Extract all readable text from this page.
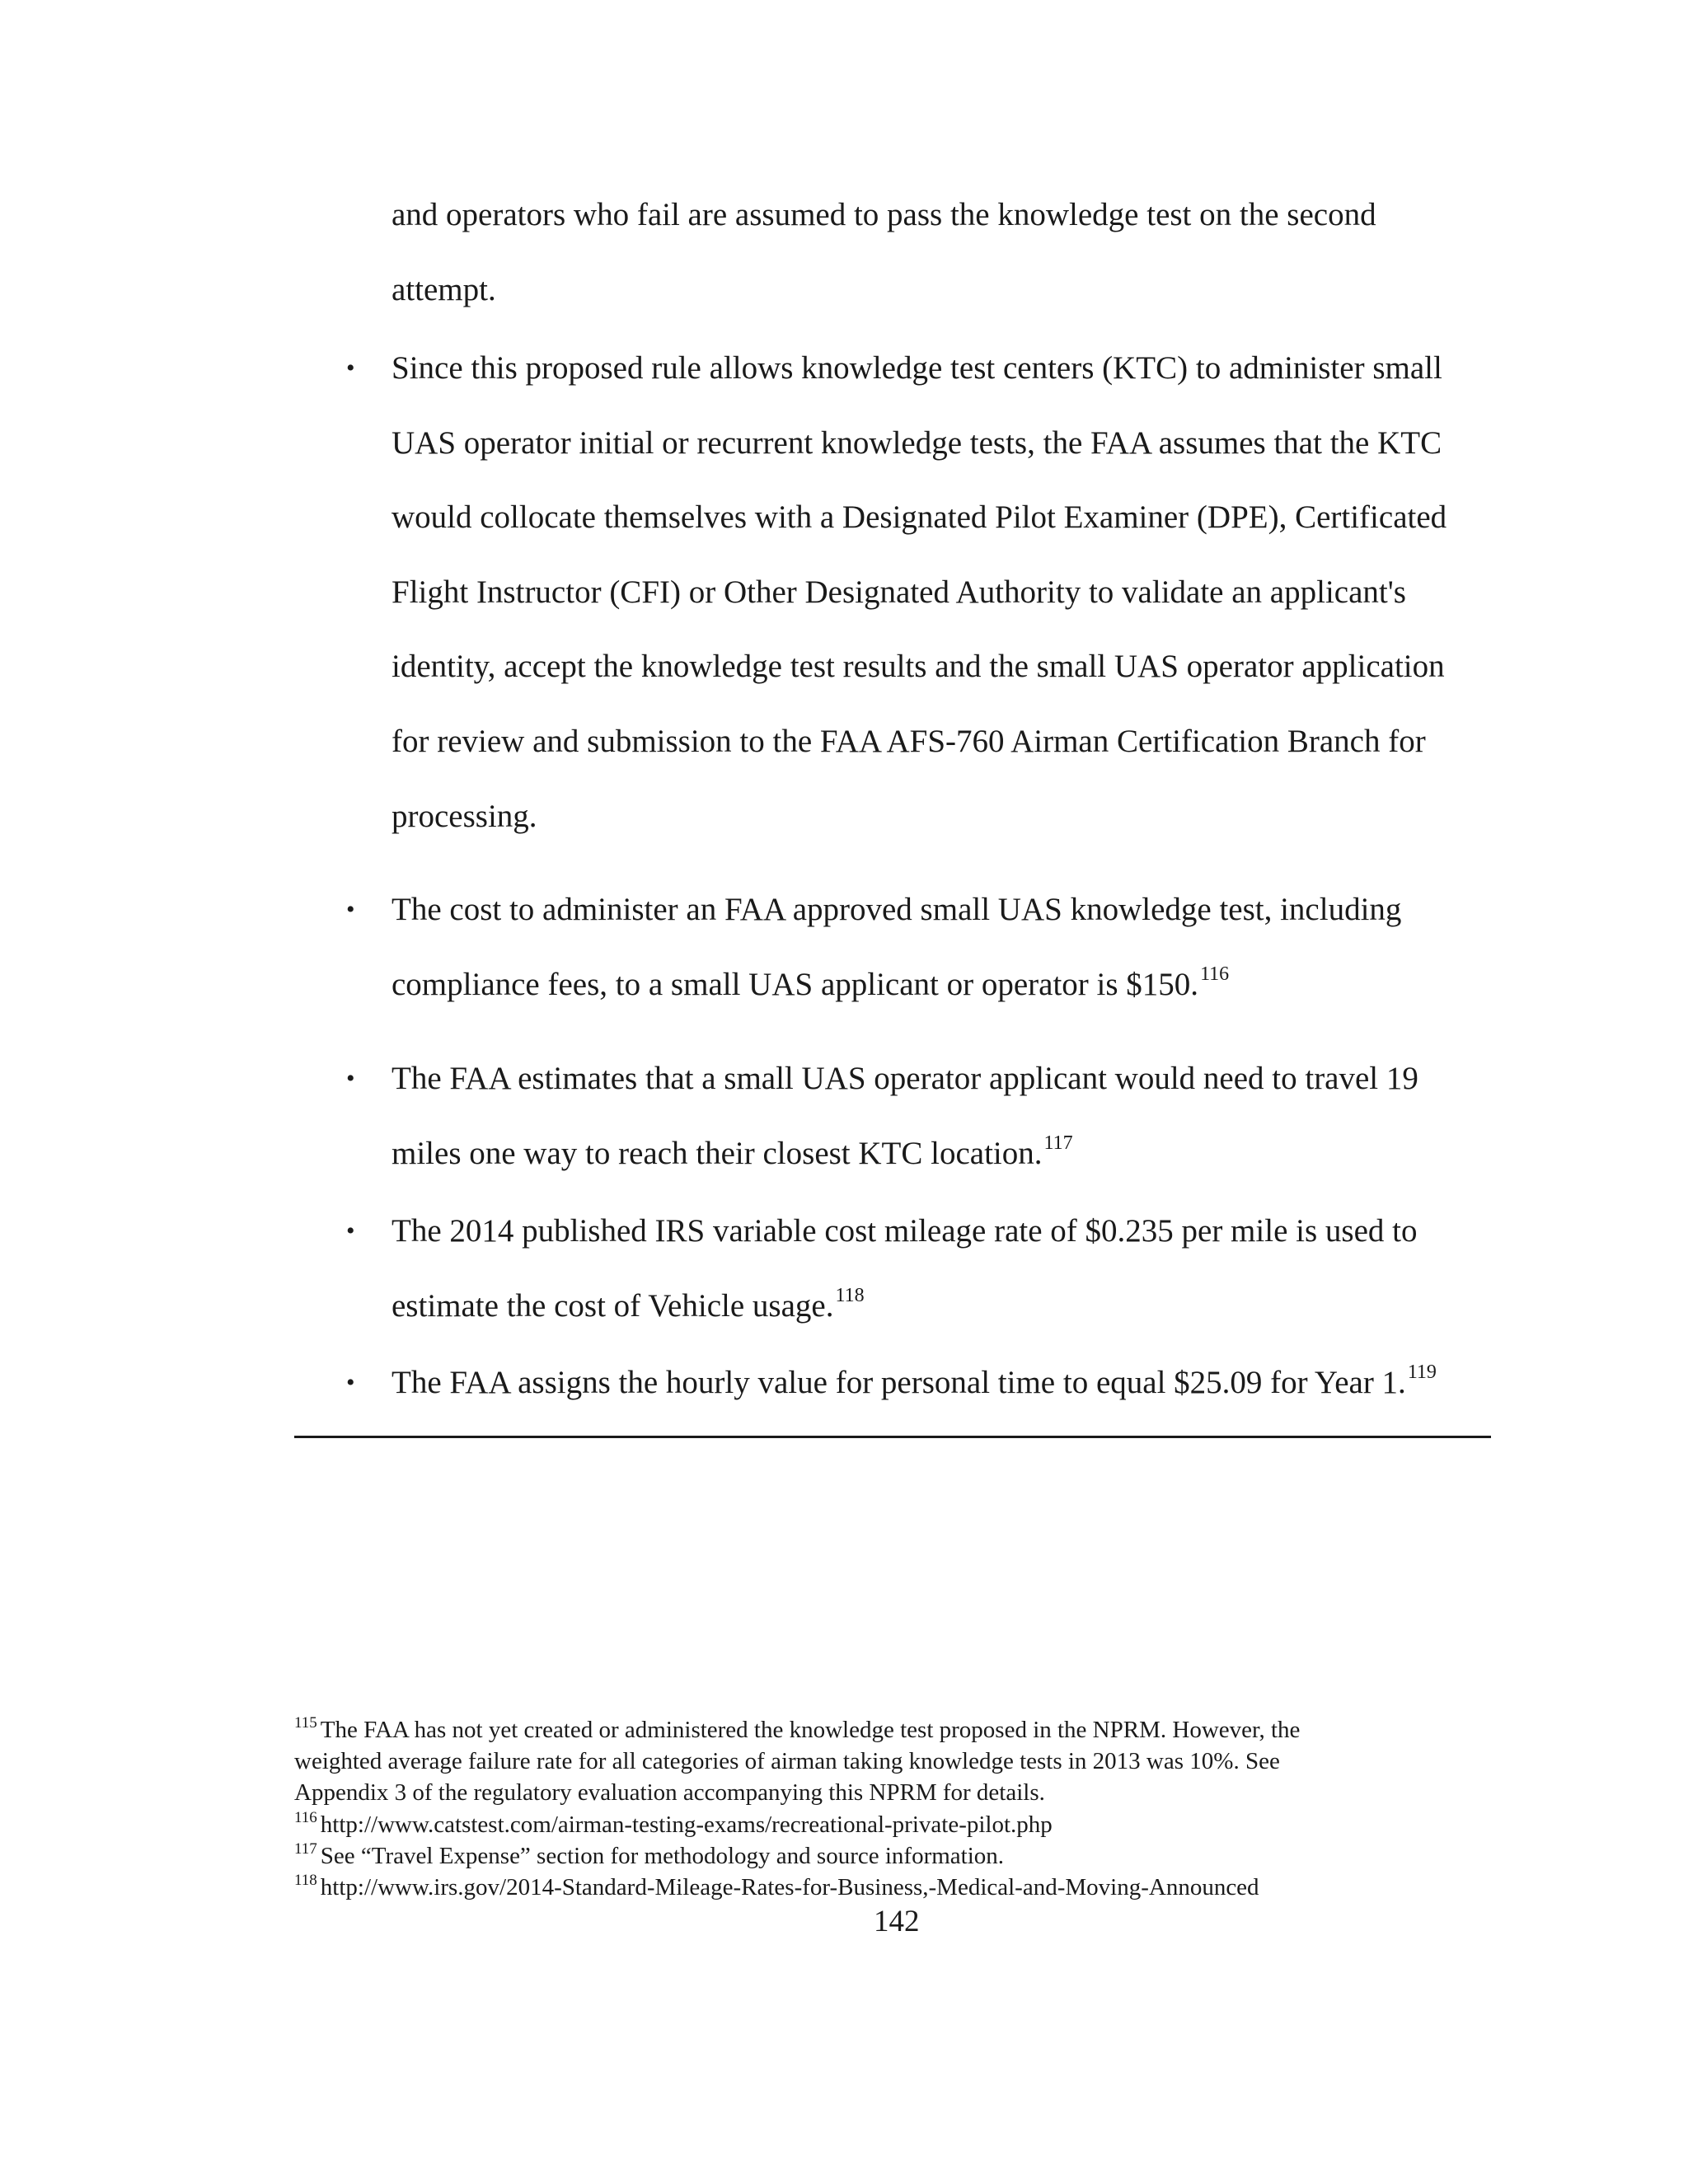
and operators who fail are assumed to pass the knowledge test on the second
attempt.
• Since this proposed rule allows knowledge test centers (KTC) to administer small
UAS operator initial or recurrent knowledge tests, the FAA assumes that the KTC
would collocate themselves with a Designated Pilot Examiner (DPE), Certificated
Flight Instructor (CFI) or Other Designated Authority to validate an applicant's
identity, accept the knowledge test results and the small UAS operator application
for review and submission to the FAA AFS-760 Airman Certification Branch for
processing.
• The cost to administer an FAA approved small UAS knowledge test, including
compliance fees, to a small UAS applicant or operator is $150.$^{116}$
• The FAA estimates that a small UAS operator applicant would need to travel 19
miles one way to reach their closest KTC location.$^{117}$
• The 2014 published IRS variable cost mileage rate of $0.235 per mile is used to
estimate the cost of Vehicle usage.$^{118}$
• The FAA assigns the hourly value for personal time to equal $25.09 for Year 1.$^{119}$
$^{115}$ The FAA has not yet created or administered the knowledge test proposed in the NPRM. However, the
weighted average failure rate for all categories of airman taking knowledge tests in 2013 was 10%. See
Appendix 3 of the regulatory evaluation accompanying this NPRM for details.
$^{116}$ http://www.catstest.com/airman-testing-exams/recreational-private-pilot.php
$^{117}$ See “Travel Expense” section for methodology and source information.
$^{118}$ http://www.irs.gov/2014-Standard-Mileage-Rates-for-Business,-Medical-and-Moving-Announced
142
